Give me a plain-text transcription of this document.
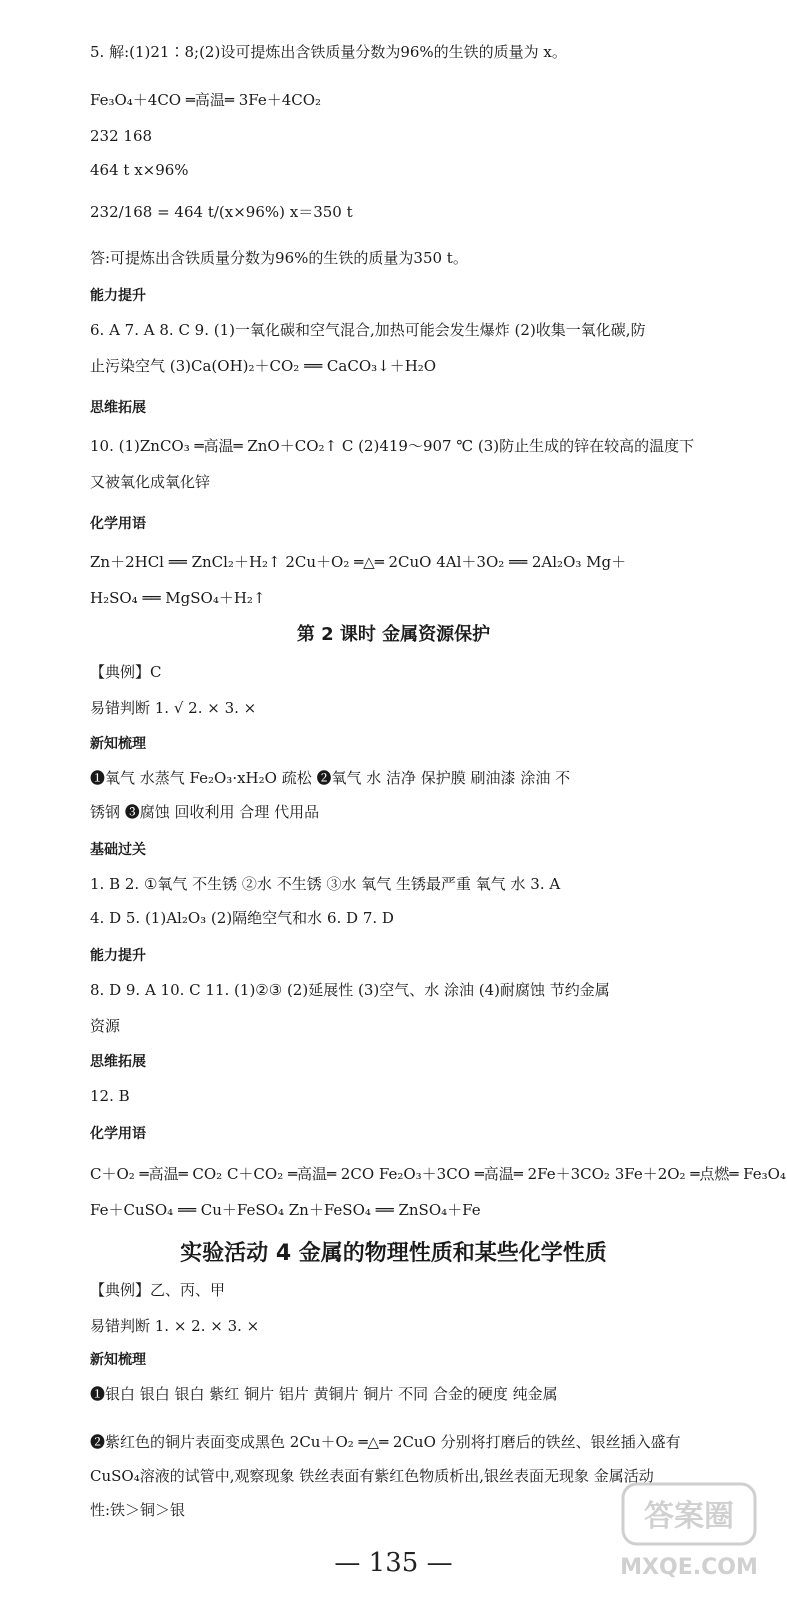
5. 解:(1)21∶8;(2)设可提炼出含铁质量分数为96%的生铁的质量为 x。
Fe₃O₄＋4CO ═高温═ 3Fe＋4CO₂
232 168
464 t x×96%
232/168 = 464 t/(x×96%) x＝350 t
答:可提炼出含铁质量分数为96%的生铁的质量为350 t。
6. A 7. A 8. C 9. (1)一氧化碳和空气混合,加热可能会发生爆炸 (2)收集一氧化碳,防
止污染空气 (3)Ca(OH)₂＋CO₂ ══ CaCO₃↓＋H₂O
10. (1)ZnCO₃ ═高温═ ZnO＋CO₂↑ C (2)419～907 ℃ (3)防止生成的锌在较高的温度下
又被氧化成氧化锌
Zn＋2HCl ══ ZnCl₂＋H₂↑ 2Cu＋O₂ ═△═ 2CuO 4Al＋3O₂ ══ 2Al₂O₃ Mg＋
H₂SO₄ ══ MgSO₄＋H₂↑
【典例】C
易错判断 1. √ 2. × 3. ×
❶氧气 水蒸气 Fe₂O₃·xH₂O 疏松 ❷氧气 水 洁净 保护膜 刷油漆 涂油 不
锈钢 ❸腐蚀 回收利用 合理 代用品
1. B 2. ①氧气 不生锈 ②水 不生锈 ③水 氧气 生锈最严重 氧气 水 3. A
4. D 5. (1)Al₂O₃ (2)隔绝空气和水 6. D 7. D
8. D 9. A 10. C 11. (1)②③ (2)延展性 (3)空气、水 涂油 (4)耐腐蚀 节约金属
资源
12. B
C＋O₂ ═高温═ CO₂ C＋CO₂ ═高温═ 2CO Fe₂O₃＋3CO ═高温═ 2Fe＋3CO₂ 3Fe＋2O₂ ═点燃═ Fe₃O₄
Fe＋CuSO₄ ══ Cu＋FeSO₄ Zn＋FeSO₄ ══ ZnSO₄＋Fe
【典例】乙、丙、甲
易错判断 1. × 2. × 3. ×
❶银白 银白 银白 紫红 铜片 铝片 黄铜片 铜片 不同 合金的硬度 纯金属
❷紫红色的铜片表面变成黑色 2Cu＋O₂ ═△═ 2CuO 分别将打磨后的铁丝、银丝插入盛有
CuSO₄溶液的试管中,观察现象 铁丝表面有紫红色物质析出,银丝表面无现象 金属活动
性:铁＞铜＞银
能力提升
思维拓展
化学用语
新知梳理
基础过关
能力提升
思维拓展
化学用语
新知梳理
第 2 课时 金属资源保护
实验活动 4 金属的物理性质和某些化学性质
— 135 —
答案圈
MXQE.COM
